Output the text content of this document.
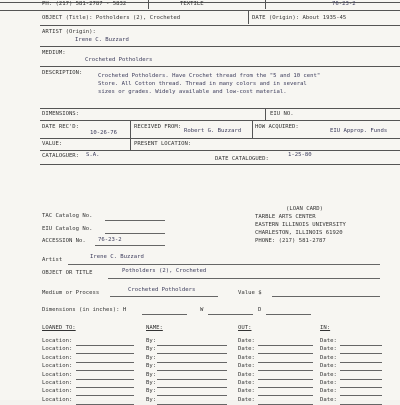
PH: (217) 581-2787 - 5832	TEXTILE	76-23-2
OBJECT (Title): Potholders (2), Crocheted	DATE (Origin): About 1935-45
ARTIST (Origin):
Irene C. Buzzard
MEDIUM:
Crocheted Potholders
DESCRIPTION:	Crocheted Potholders. Have Crochet thread from the "5 and 10 cent"
Store. All Cotton thread. Thread in many colors and in several
sizes or grades. Widely available and low-cost material.
DIMENSIONS:	EIU NO.
DATE REC'D:
10-26-76
RECEIVED FROM:
Robert G. Buzzard
HOW ACQUIRED:
EIU Approp. Funds
VALUE:	PRESENT LOCATION:
CATALOGUER: S.A.
DATE CATALOGUED:
1-25-80
(LOAN CARD)
TARBLE ARTS CENTER
EASTERN ILLINOIS UNIVERSITY
CHARLESTON, ILLINOIS 61920
PHONE: (217) 581-2787
TAC Catalog No.
EIU Catalog No.
ACCESSION No. 76-23-2
Artist	Irene C. Buzzard
OBJECT OR TITLE	Potholders (2), Crocheted
Medium or Process	Crocheted Potholders	Value $
Dimensions (in inches): H	W	D
LOANED TO:	NAME:	OUT:	IN:
Location:	By:	Date:	Date:
Location:	By:	Date:	Date:
Location:	By:	Date:	Date:
Location:	By:	Date:	Date:
Location:	By:	Date:	Date:
Location:	By:	Date:	Date:
Location:	By:	Date:	Date:
Location:	By:	Date:	Date:
